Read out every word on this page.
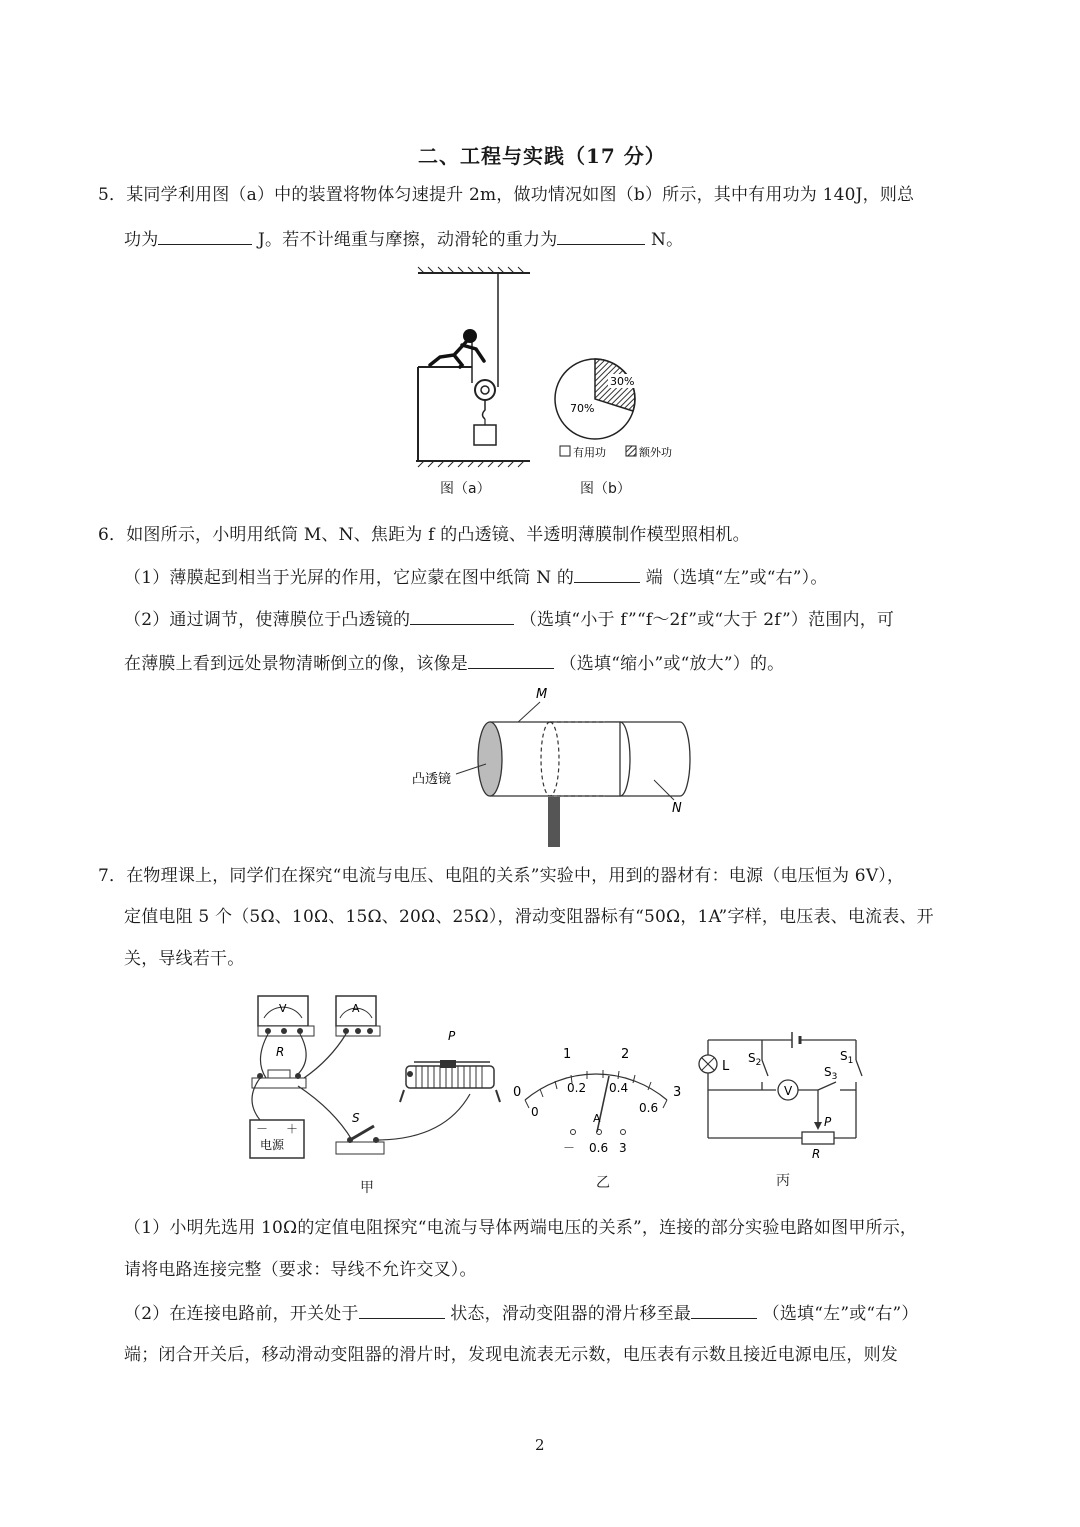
二、工程与实践（17 分）
5．某同学利用图（a）中的装置将物体匀速提升 2m，做功情况如图（b）所示，其中有用功为 140J，则总
功为	J。若不计绳重与摩擦，动滑轮的重力为	N。
图（a）
30%
70%
有用功	额外功
图（b）
6．如图所示，小明用纸筒 M、N、焦距为 f 的凸透镜、半透明薄膜制作模型照相机。
（1）薄膜起到相当于光屏的作用，它应蒙在图中纸筒 N 的	端（选填“左”或“右”）。
（2）通过调节，使薄膜位于凸透镜的	（选填“小于 f”“f～2f”或“大于 2f”）范围内，可
在薄膜上看到远处景物清晰倒立的像，该像是	（选填“缩小”或“放大”）的。
M
凸透镜
N
7．在物理课上，同学们在探究“电流与电压、电阻的关系”实验中，用到的器材有：电源（电压恒为 6V），
定值电阻 5 个（5Ω、10Ω、15Ω、20Ω、25Ω），滑动变阻器标有“50Ω，1A”字样，电压表、电流表、开
关，导线若干。
V	A
R
P
－ ＋
电源
S
甲
0
1	2
3
0
0.2 0.4
0.6
A
－ 0.6 3
乙
L
$S_2$	$S_1$
V
$S_3$
P
R
丙
（1）小明先选用 10Ω的定值电阻探究“电流与导体两端电压的关系”，连接的部分实验电路如图甲所示，
请将电路连接完整（要求：导线不允许交叉）。
（2）在连接电路前，开关处于	状态，滑动变阻器的滑片移至最	（选填“左”或“右”）
端；闭合开关后，移动滑动变阻器的滑片时，发现电流表无示数，电压表有示数且接近电源电压，则发
2
